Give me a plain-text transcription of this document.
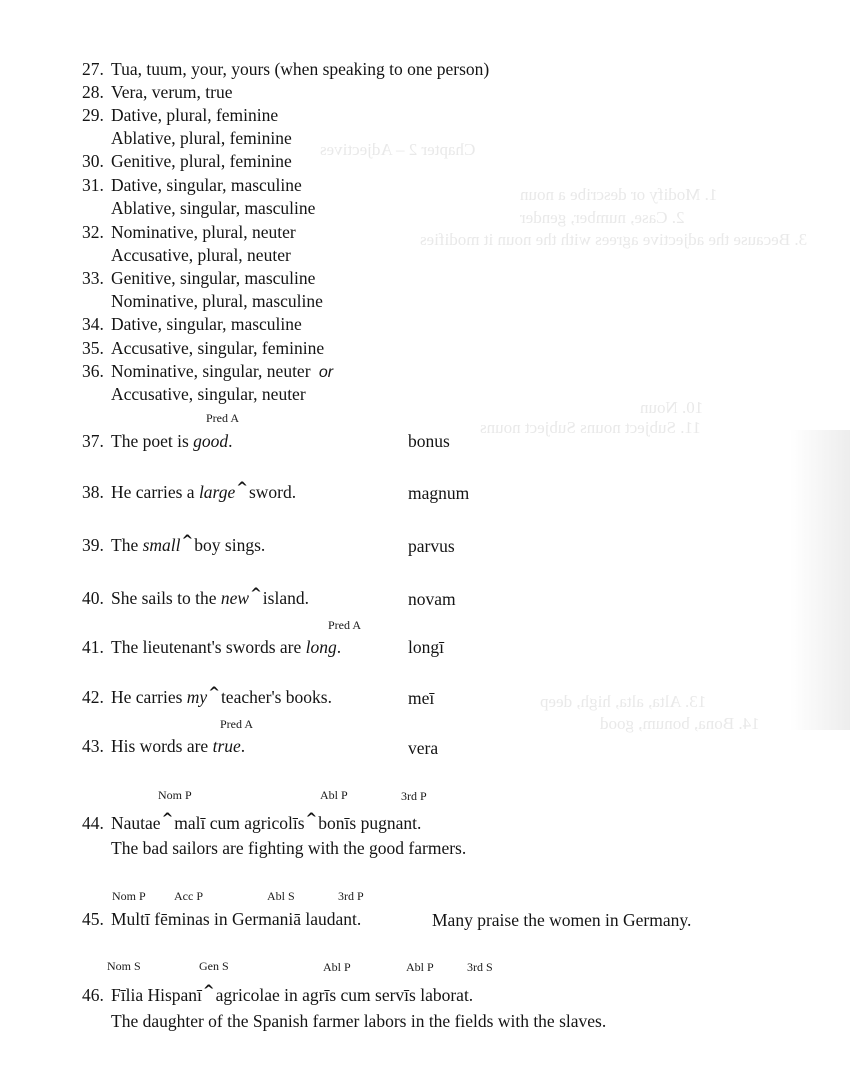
Chapter 2 – Adjectives
1. Modify or describe a noun
2. Case, number, gender
3. Because the adjective agrees with the noun it modifies
10. Noun
11. Subject nouns Subject nouns
13. Alta, alta, high, deep
14. Bona, bonum, good
27. Tua, tuum, your, yours (when speaking to one person)
28. Vera, verum, true
29. Dative, plural, feminine
Ablative, plural, feminine
30. Genitive, plural, feminine
31. Dative, singular, masculine
Ablative, singular, masculine
32. Nominative, plural, neuter
Accusative, plural, neuter
33. Genitive, singular, masculine
Nominative, plural, masculine
34. Dative, singular, masculine
35. Accusative, singular, feminine
36. Nominative, singular, neuter or
Accusative, singular, neuter
Pred A
37. The poet is good.	bonus
38. He carries a large^sword.	magnum
39. The small^boy sings.	parvus
40. She sails to the new^island.	novam
Pred A
41. The lieutenant's swords are long.	longī
42. He carries my^teacher's books.	meī
Pred A
43. His words are true.	vera
Nom P	Abl P	3rd P
44. Nautae^malī cum agricolīs^bonīs pugnant.
The bad sailors are fighting with the good farmers.
Nom P Acc P	Abl S	3rd P
45. Multī fēminas in Germaniā laudant.	Many praise the women in Germany.
Nom S	Gen S	Abl P	Abl P	3rd S
46. Fīlia Hispanī^agricolae in agrīs cum servīs laborat.
The daughter of the Spanish farmer labors in the fields with the slaves.
